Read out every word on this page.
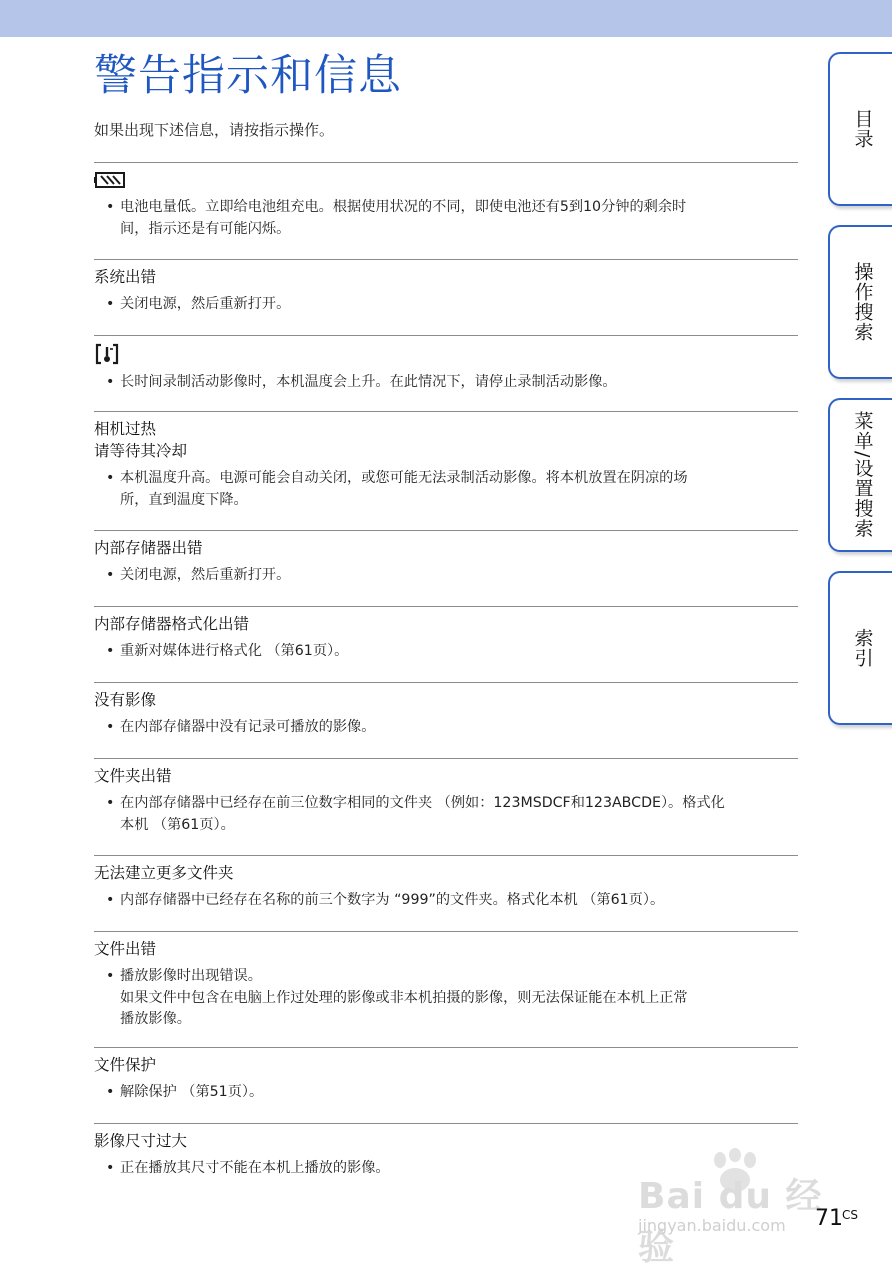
警告指示和信息
如果出现下述信息，请按指示操作。
• 电池电量低。立即给电池组充电。根据使用状况的不同，即使电池还有5到10分钟的剩余时
间，指示还是有可能闪烁。
系统出错
• 关闭电源，然后重新打开。
• 长时间录制活动影像时，本机温度会上升。在此情况下，请停止录制活动影像。
相机过热
请等待其冷却
• 本机温度升高。电源可能会自动关闭，或您可能无法录制活动影像。将本机放置在阴凉的场
所，直到温度下降。
内部存储器出错
• 关闭电源，然后重新打开。
内部存储器格式化出错
• 重新对媒体进行格式化 （第61页）。
没有影像
• 在内部存储器中没有记录可播放的影像。
文件夹出错
• 在内部存储器中已经存在前三位数字相同的文件夹 （例如：123MSDCF和123ABCDE）。格式化
本机 （第61页）。
无法建立更多文件夹
• 内部存储器中已经存在名称的前三个数字为 “999”的文件夹。格式化本机 （第61页）。
文件出错
• 播放影像时出现错误。
如果文件中包含在电脑上作过处理的影像或非本机拍摄的影像，则无法保证能在本机上正常
播放影像。
文件保护
• 解除保护 （第51页）。
影像尺寸过大
• 正在播放其尺寸不能在本机上播放的影像。
目录
操作搜索
菜单/设置搜索
索引
Bai du 经验
jingyan.baidu.com 71 CS
